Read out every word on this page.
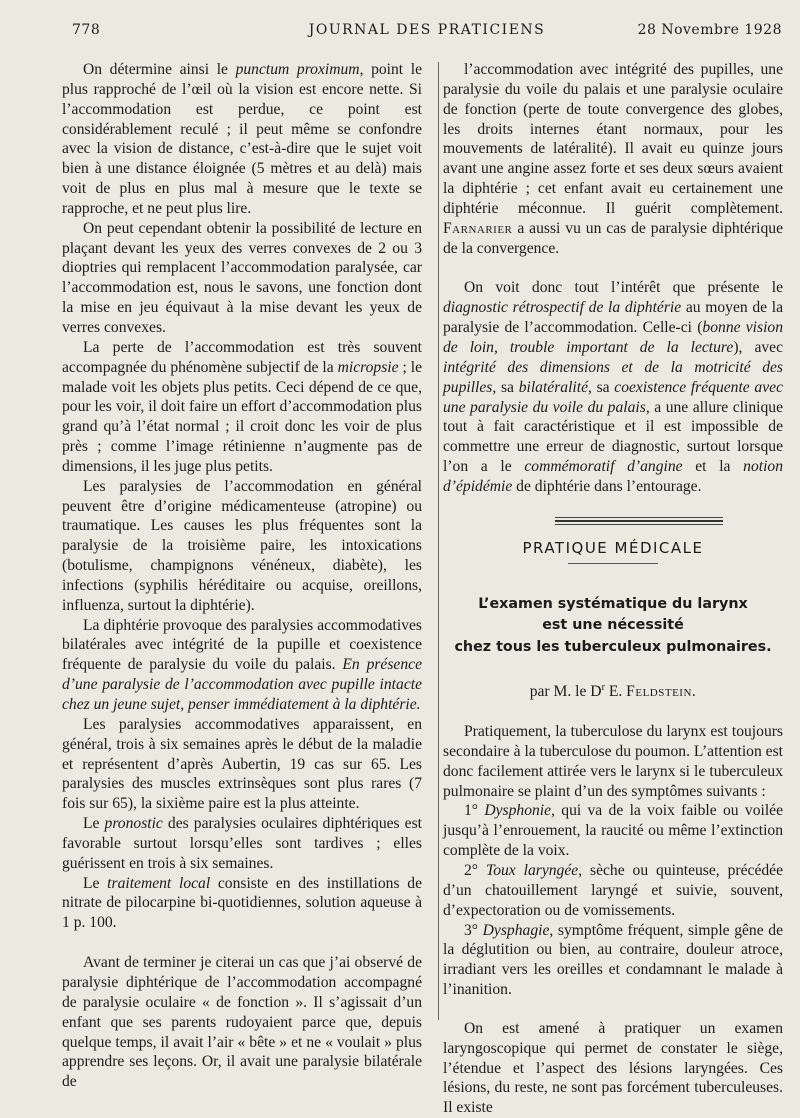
778	JOURNAL DES PRATICIENS	28 Novembre 1928

On détermine ainsi le punctum proximum, point le plus rapproché de l’œil où la vision est encore nette. Si l’accommodation est perdue, ce point est considérablement reculé ; il peut même se confondre avec la vision de distance, c’est-à-dire que le sujet voit bien à une distance éloignée (5 mètres et au delà) mais voit de plus en plus mal à mesure que le texte se rapproche, et ne peut plus lire.

On peut cependant obtenir la possibilité de lecture en plaçant devant les yeux des verres convexes de 2 ou 3 dioptries qui remplacent l’accommodation paralysée, car l’accommodation est, nous le savons, une fonction dont la mise en jeu équivaut à la mise devant les yeux de verres convexes.

La perte de l’accommodation est très souvent accompagnée du phénomène subjectif de la micropsie ; le malade voit les objets plus petits. Ceci dépend de ce que, pour les voir, il doit faire un effort d’accommodation plus grand qu’à l’état normal ; il croit donc les voir de plus près ; comme l’image rétinienne n’augmente pas de dimensions, il les juge plus petits.

Les paralysies de l’accommodation en général peuvent être d’origine médicamenteuse (atropine) ou traumatique. Les causes les plus fréquentes sont la paralysie de la troisième paire, les intoxications (botulisme, champignons vénéneux, diabète), les infections (syphilis héréditaire ou acquise, oreillons, influenza, surtout la diphtérie).

La diphtérie provoque des paralysies accommodatives bilatérales avec intégrité de la pupille et coexistence fréquente de paralysie du voile du palais. En présence d’une paralysie de l’accommodation avec pupille intacte chez un jeune sujet, penser immédiatement à la diphtérie.

Les paralysies accommodatives apparaissent, en général, trois à six semaines après le début de la maladie et représentent d’après Aubertin, 19 cas sur 65. Les paralysies des muscles extrinsèques sont plus rares (7 fois sur 65), la sixième paire est la plus atteinte.

Le pronostic des paralysies oculaires diphtériques est favorable surtout lorsqu’elles sont tardives ; elles guérissent en trois à six semaines.

Le traitement local consiste en des instillations de nitrate de pilocarpine bi-quotidiennes, solution aqueuse à 1 p. 100.

Avant de terminer je citerai un cas que j’ai observé de paralysie diphtérique de l’accommodation accompagné de paralysie oculaire « de fonction ». Il s’agissait d’un enfant que ses parents rudoyaient parce que, depuis quelque temps, il avait l’air « bête » et ne « voulait » plus apprendre ses leçons. Or, il avait une paralysie bilatérale de

l’accommodation avec intégrité des pupilles, une paralysie du voile du palais et une paralysie oculaire de fonction (perte de toute convergence des globes, les droits internes étant normaux, pour les mouvements de latéralité). Il avait eu quinze jours avant une angine assez forte et ses deux sœurs avaient la diphtérie ; cet enfant avait eu certainement une diphtérie méconnue. Il guérit complètement. Farnarier a aussi vu un cas de paralysie diphtérique de la convergence.

On voit donc tout l’intérêt que présente le diagnostic rétrospectif de la diphtérie au moyen de la paralysie de l’accommodation. Celle-ci (bonne vision de loin, trouble important de la lecture), avec intégrité des dimensions et de la motricité des pupilles, sa bilatéralité, sa coexistence fréquente avec une paralysie du voile du palais, a une allure clinique tout à fait caractéristique et il est impossible de commettre une erreur de diagnostic, surtout lorsque l’on a le commémoratif d’angine et la notion d’épidémie de diphtérie dans l’entourage.

PRATIQUE MÉDICALE
L’examen systématique du larynx
est une nécessité
chez tous les tuberculeux pulmonaires.
par M. le $D^r$ E. Feldstein.

Pratiquement, la tuberculose du larynx est toujours secondaire à la tuberculose du poumon. L’attention est donc facilement attirée vers le larynx si le tuberculeux pulmonaire se plaint d’un des symptômes suivants :

1° Dysphonie, qui va de la voix faible ou voilée jusqu’à l’enrouement, la raucité ou même l’extinction complète de la voix.

2° Toux laryngée, sèche ou quinteuse, précédée d’un chatouillement laryngé et suivie, souvent, d’expectoration ou de vomissements.

3° Dysphagie, symptôme fréquent, simple gêne de la déglutition ou bien, au contraire, douleur atroce, irradiant vers les oreilles et condamnant le malade à l’inanition.

On est amené à pratiquer un examen laryngoscopique qui permet de constater le siège, l’étendue et l’aspect des lésions laryngées. Ces lésions, du reste, ne sont pas forcément tuberculeuses. Il existe
